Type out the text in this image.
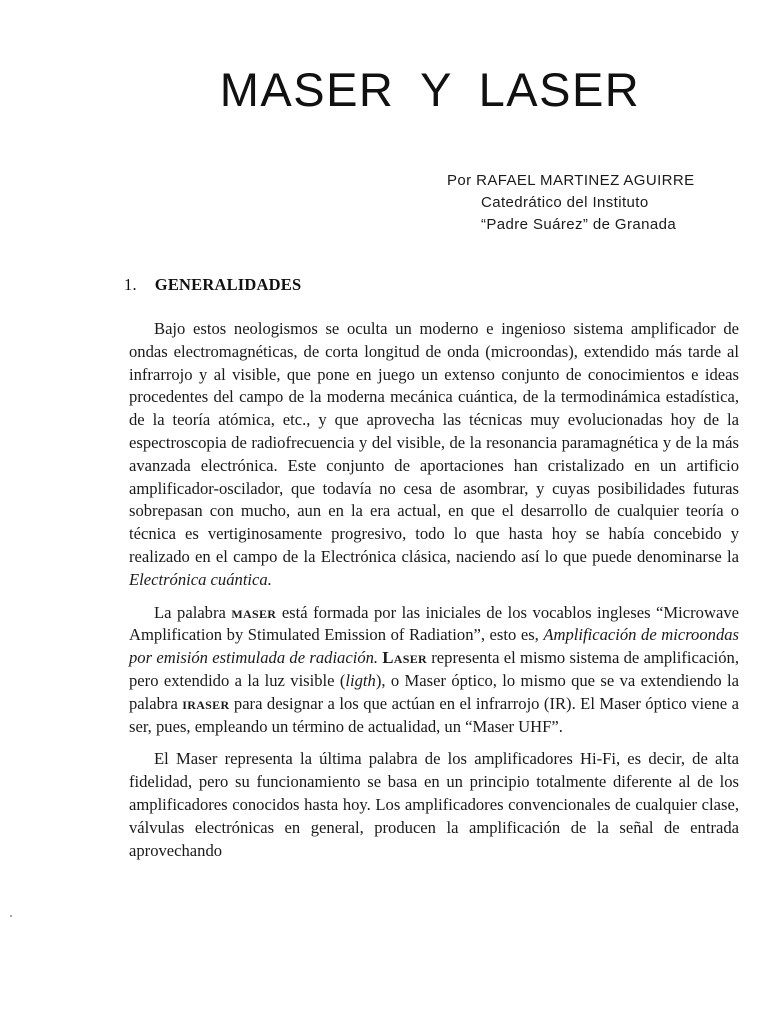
MASER Y LASER
Por RAFAEL MARTINEZ AGUIRRE
Catedrático del Instituto
“Padre Suárez” de Granada
1. GENERALIDADES

Bajo estos neologismos se oculta un moderno e ingenioso sistema amplificador de ondas electromagnéticas, de corta longitud de onda (microondas), extendido más tarde al infrarrojo y al visible, que pone en juego un extenso conjunto de conocimientos e ideas procedentes del campo de la moderna mecánica cuántica, de la termodinámica estadística, de la teoría atómica, etc., y que aprovecha las técnicas muy evolucionadas hoy de la espectroscopia de radiofrecuencia y del visible, de la resonancia paramagnética y de la más avanzada electrónica. Este conjunto de aportaciones han cristalizado en un artificio amplificador-oscilador, que todavía no cesa de asombrar, y cuyas posibilidades futuras sobrepasan con mucho, aun en la era actual, en que el desarrollo de cualquier teoría o técnica es vertiginosamente progresivo, todo lo que hasta hoy se había concebido y realizado en el campo de la Electrónica clásica, naciendo así lo que puede denominarse la Electrónica cuántica.

La palabra maser está formada por las iniciales de los vocablos ingleses “Microwave Amplification by Stimulated Emission of Radiation”, esto es, Amplificación de microondas por emisión estimulada de radiación. Laser representa el mismo sistema de amplificación, pero extendido a la luz visible (ligth), o Maser óptico, lo mismo que se va extendiendo la palabra iraser para designar a los que actúan en el infrarrojo (IR). El Maser óptico viene a ser, pues, empleando un término de actualidad, un “Maser UHF”.

El Maser representa la última palabra de los amplificadores Hi-Fi, es decir, de alta fidelidad, pero su funcionamiento se basa en un principio totalmente diferente al de los amplificadores conocidos hasta hoy. Los amplificadores convencionales de cualquier clase, válvulas electrónicas en general, producen la amplificación de la señal de entrada aprovechando
